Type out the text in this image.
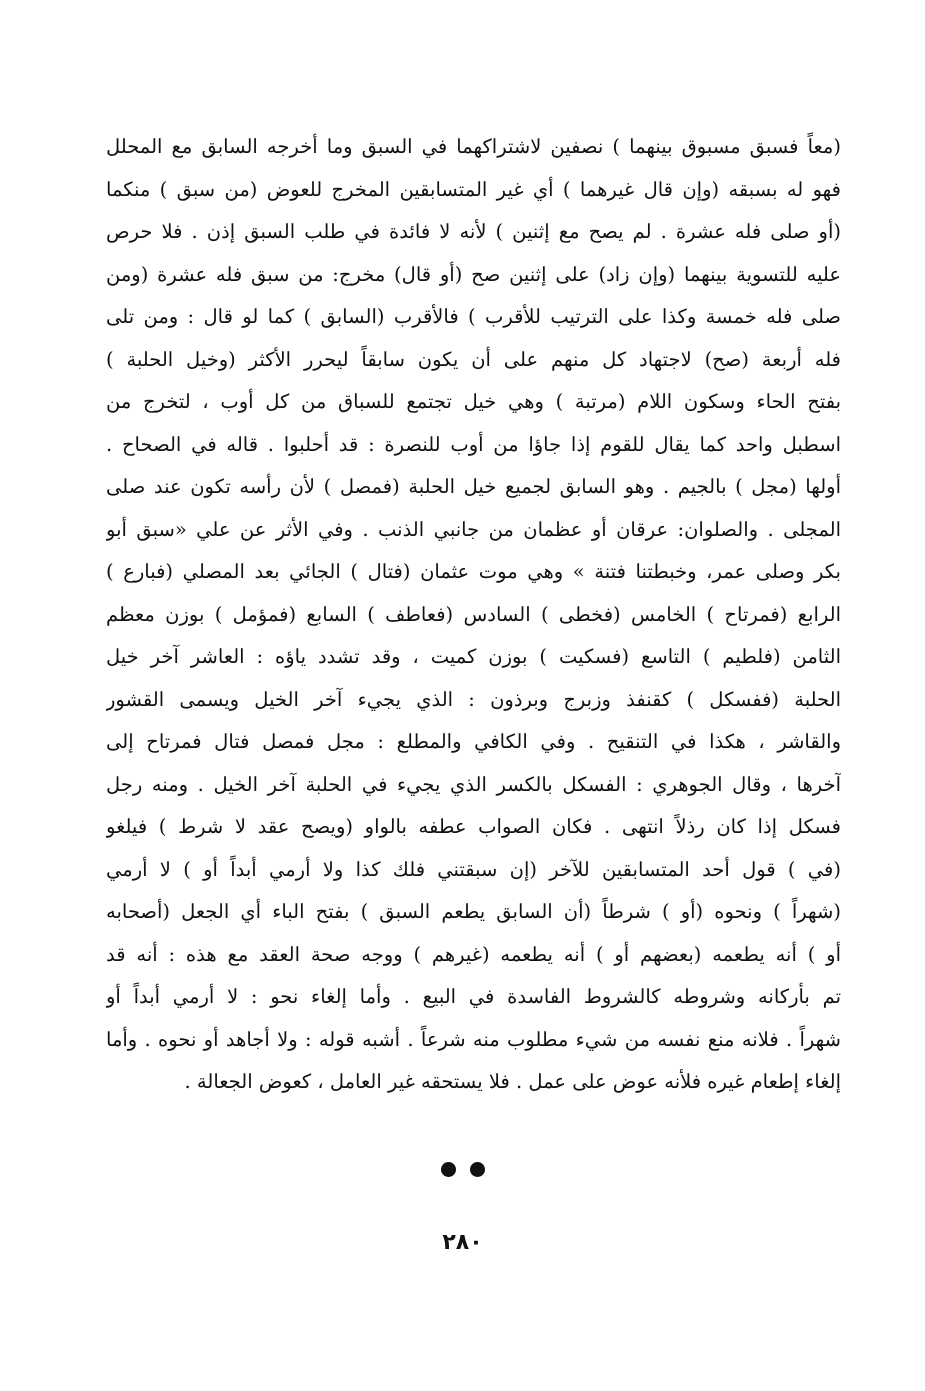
(معاً فسبق مسبوق بينهما ) نصفين لاشتراكهما في السبق وما أخرجه السابق مع المحلل
فهو له بسبقه (وإن قال غيرهما ) أي غير المتسابقين المخرج للعوض (من سبق ) منكما
(أو صلى فله عشرة . لم يصح مع إثنين ) لأنه لا فائدة في طلب السبق إذن . فلا حرص
عليه للتسوية بينهما (وإن زاد) على إثنين صح (أو قال) مخرج: من سبق فله عشرة (ومن
صلى فله خمسة وكذا على الترتيب للأقرب ) فالأقرب (السابق ) كما لو قال : ومن تلى
فله أربعة (صح) لاجتهاد كل منهم على أن يكون سابقاً ليحرر الأكثر (وخيل الحلبة )
بفتح الحاء وسكون اللام (مرتبة ) وهي خيل تجتمع للسباق من كل أوب ، لتخرج من
اسطبل واحد كما يقال للقوم إذا جاؤا من أوب للنصرة : قد أحلبوا . قاله في الصحاح .
أولها (مجل ) بالجيم . وهو السابق لجميع خيل الحلبة (فمصل ) لأن رأسه تكون عند صلى
المجلى . والصلوان: عرقان أو عظمان من جانبي الذنب . وفي الأثر عن علي «سبق أبو
بكر وصلى عمر، وخبطتنا فتنة » وهي موت عثمان (فتال ) الجائي بعد المصلي (فبارع )
الرابع (فمرتاح ) الخامس (فخطى ) السادس (فعاطف ) السابع (فمؤمل ) بوزن معظم
الثامن (فلطيم ) التاسع (فسكيت ) بوزن كميت ، وقد تشدد ياؤه : العاشر آخر خيل
الحلبة (ففسكل ) كقنفذ وزبرج وبرذون : الذي يجيء آخر الخيل ويسمى القشور
والقاشر ، هكذا في التنقيح . وفي الكافي والمطلع : مجل فمصل فتال فمرتاح إلى
آخرها ، وقال الجوهري : الفسكل بالكسر الذي يجيء في الحلبة آخر الخيل . ومنه رجل
فسكل إذا كان رذلاً انتهى . فكان الصواب عطفه بالواو (ويصح عقد لا شرط ) فيلغو
(في ) قول أحد المتسابقين للآخر (إن سبقتني فلك كذا ولا أرمي أبداً أو ) لا أرمي
(شهراً ) ونحوه (أو ) شرطاً (أن السابق يطعم السبق ) بفتح الباء أي الجعل (أصحابه
أو ) أنه يطعمه (بعضهم أو ) أنه يطعمه (غيرهم ) ووجه صحة العقد مع هذه : أنه قد
تم بأركانه وشروطه كالشروط الفاسدة في البيع . وأما إلغاء نحو : لا أرمي أبداً أو
شهراً . فلانه منع نفسه من شيء مطلوب منه شرعاً . أشبه قوله : ولا أجاهد أو نحوه . وأما
إلغاء إطعام غيره فلأنه عوض على عمل . فلا يستحقه غير العامل ، كعوض الجعالة .
٢٨٠
